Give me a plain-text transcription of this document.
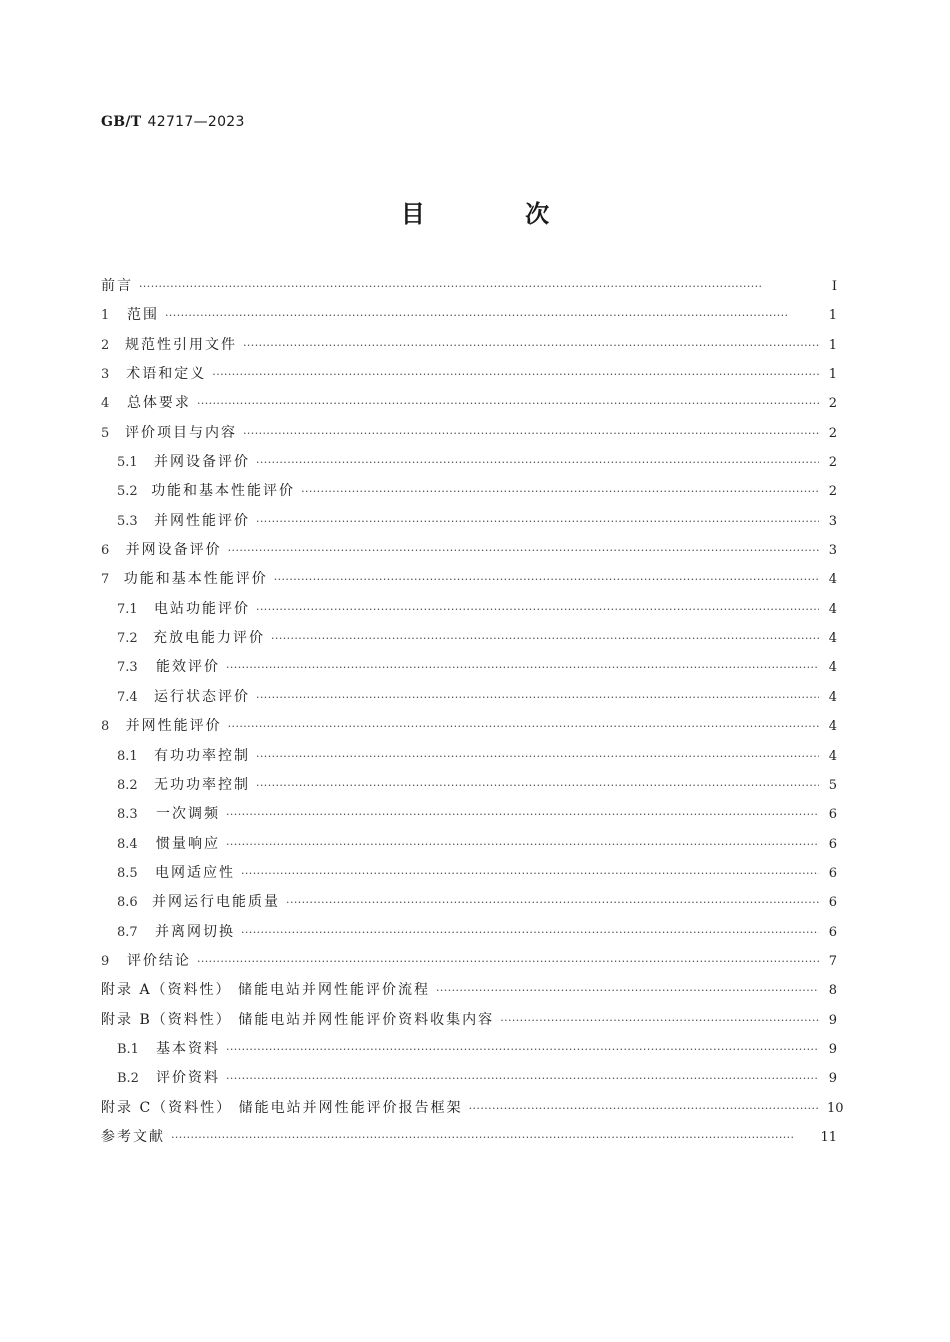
GB/T 42717—2023
目 次
前言 ·····	Ⅰ
1	范围 ·····	1
2	规范性引用文件 ·····	1
3	术语和定义 ·····	1
4	总体要求 ·····	2
5	评价项目与内容 ·····	2
5.1	并网设备评价 ·····	2
5.2 功能和基本性能评价 ·····	2
5.3	并网性能评价 ·····	3
6	并网设备评价 ·····	3
7	功能和基本性能评价 ·····	4
7.1	电站功能评价 ·····	4
7.2	充放电能力评价 ·····	4
7.3	能效评价 ·····	4
7.4	运行状态评价 ·····	4
8	并网性能评价 ·····	4
8.1	有功功率控制 ·····	4
8.2	无功功率控制 ·····	5
8.3	一次调频 ·····	6
8.4	惯量响应 ·····	6
8.5	电网适应性 ·····	6
8.6	并网运行电能质量 ·····	6
8.7	并离网切换 ·····	6
9	评价结论 ·····	7
附录 A（资料性） 储能电站并网性能评价流程 ·····	8
附录 B（资料性） 储能电站并网性能评价资料收集内容 ·····	9
B.1	基本资料 ·····	9
B.2	评价资料 ·····	9
附录 C（资料性） 储能电站并网性能评价报告框架 ·····	10
参考文献 ·····	11
